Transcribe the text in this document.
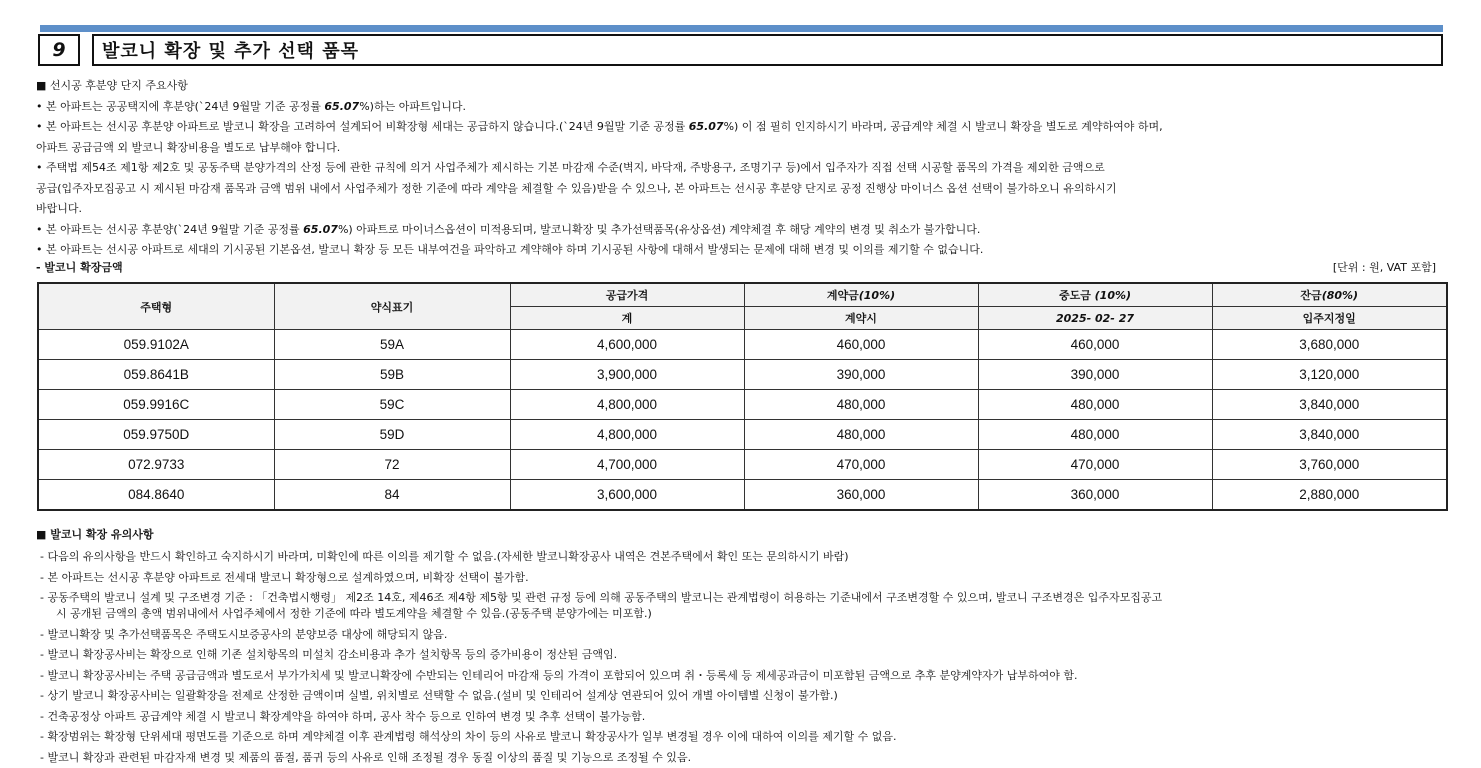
9	발코니 확장 및 추가 선택 품목
■ 선시공 후분양 단지 주요사항
• 본 아파트는 공공택지에 후분양(`24년 9월말 기준 공정률 65.07%)하는 아파트입니다.
• 본 아파트는 선시공 후분양 아파트로 발코니 확장을 고려하여 설계되어 비확장형 세대는 공급하지 않습니다.(`24년 9월말 기준 공정률 65.07%) 이 점 필히 인지하시기 바라며, 공급계약 체결 시 발코니 확장을 별도로 계약하여야 하며,
아파트 공급금액 외 발코니 확장비용을 별도로 납부해야 합니다.
• 주택법 제54조 제1항 제2호 및 공동주택 분양가격의 산정 등에 관한 규칙에 의거 사업주체가 제시하는 기본 마감재 수준(벽지, 바닥재, 주방용구, 조명기구 등)에서 입주자가 직접 선택 시공할 품목의 가격을 제외한 금액으로
공급(입주자모집공고 시 제시된 마감재 품목과 금액 범위 내에서 사업주체가 정한 기준에 따라 계약을 체결할 수 있음)받을 수 있으나, 본 아파트는 선시공 후분양 단지로 공정 진행상 마이너스 옵션 선택이 불가하오니 유의하시기
바랍니다.
• 본 아파트는 선시공 후분양(`24년 9월말 기준 공정률 65.07%) 아파트로 마이너스옵션이 미적용되며, 발코니확장 및 추가선택품목(유상옵션) 계약체결 후 해당 계약의 변경 및 취소가 불가합니다.
• 본 아파트는 선시공 아파트로 세대의 기시공된 기본옵션, 발코니 확장 등 모든 내부여건을 파악하고 계약해야 하며 기시공된 사항에 대해서 발생되는 문제에 대해 변경 및 이의를 제기할 수 없습니다.
- 발코니 확장금액	[단위 : 원, VAT 포함]
주택형	약식표기	공급가격	계약금(10%)	중도금 (10%)	잔금(80%)
		계	계약시	2025- 02- 27	입주지정일
059.9102A	59A	4,600,000	460,000	460,000	3,680,000
059.8641B	59B	3,900,000	390,000	390,000	3,120,000
059.9916C	59C	4,800,000	480,000	480,000	3,840,000
059.9750D	59D	4,800,000	480,000	480,000	3,840,000
072.9733	72	4,700,000	470,000	470,000	3,760,000
084.8640	84	3,600,000	360,000	360,000	2,880,000
■ 발코니 확장 유의사항
- 다음의 유의사항을 반드시 확인하고 숙지하시기 바라며, 미확인에 따른 이의를 제기할 수 없음.(자세한 발코니확장공사 내역은 견본주택에서 확인 또는 문의하시기 바람)
- 본 아파트는 선시공 후분양 아파트로 전세대 발코니 확장형으로 설계하였으며, 비확장 선택이 불가함.
- 공동주택의 발코니 설계 및 구조변경 기준 : 「건축법시행령」 제2조 14호, 제46조 제4항 제5항 및 관련 규정 등에 의해 공동주택의 발코니는 관계법령이 허용하는 기준내에서 구조변경할 수 있으며, 발코니 구조변경은 입주자모집공고
시 공개된 금액의 총액 범위내에서 사업주체에서 정한 기준에 따라 별도계약을 체결할 수 있음.(공동주택 분양가에는 미포함.)
- 발코니확장 및 추가선택품목은 주택도시보증공사의 분양보증 대상에 해당되지 않음.
- 발코니 확장공사비는 확장으로 인해 기존 설치항목의 미설치 감소비용과 추가 설치항목 등의 증가비용이 정산된 금액임.
- 발코니 확장공사비는 주택 공급금액과 별도로서 부가가치세 및 발코니확장에 수반되는 인테리어 마감재 등의 가격이 포함되어 있으며 취・등록세 등 제세공과금이 미포함된 금액으로 추후 분양계약자가 납부하여야 함.
- 상기 발코니 확장공사비는 일괄확장을 전제로 산정한 금액이며 실별, 위치별로 선택할 수 없음.(설비 및 인테리어 설계상 연관되어 있어 개별 아이템별 신청이 불가함.)
- 건축공정상 아파트 공급계약 체결 시 발코니 확장계약을 하여야 하며, 공사 착수 등으로 인하여 변경 및 추후 선택이 불가능함.
- 확장범위는 확장형 단위세대 평면도를 기준으로 하며 계약체결 이후 관계법령 해석상의 차이 등의 사유로 발코니 확장공사가 일부 변경될 경우 이에 대하여 이의를 제기할 수 없음.
- 발코니 확장과 관련된 마감자재 변경 및 제품의 품절, 품귀 등의 사유로 인해 조정될 경우 동질 이상의 품질 및 기능으로 조정될 수 있음.
